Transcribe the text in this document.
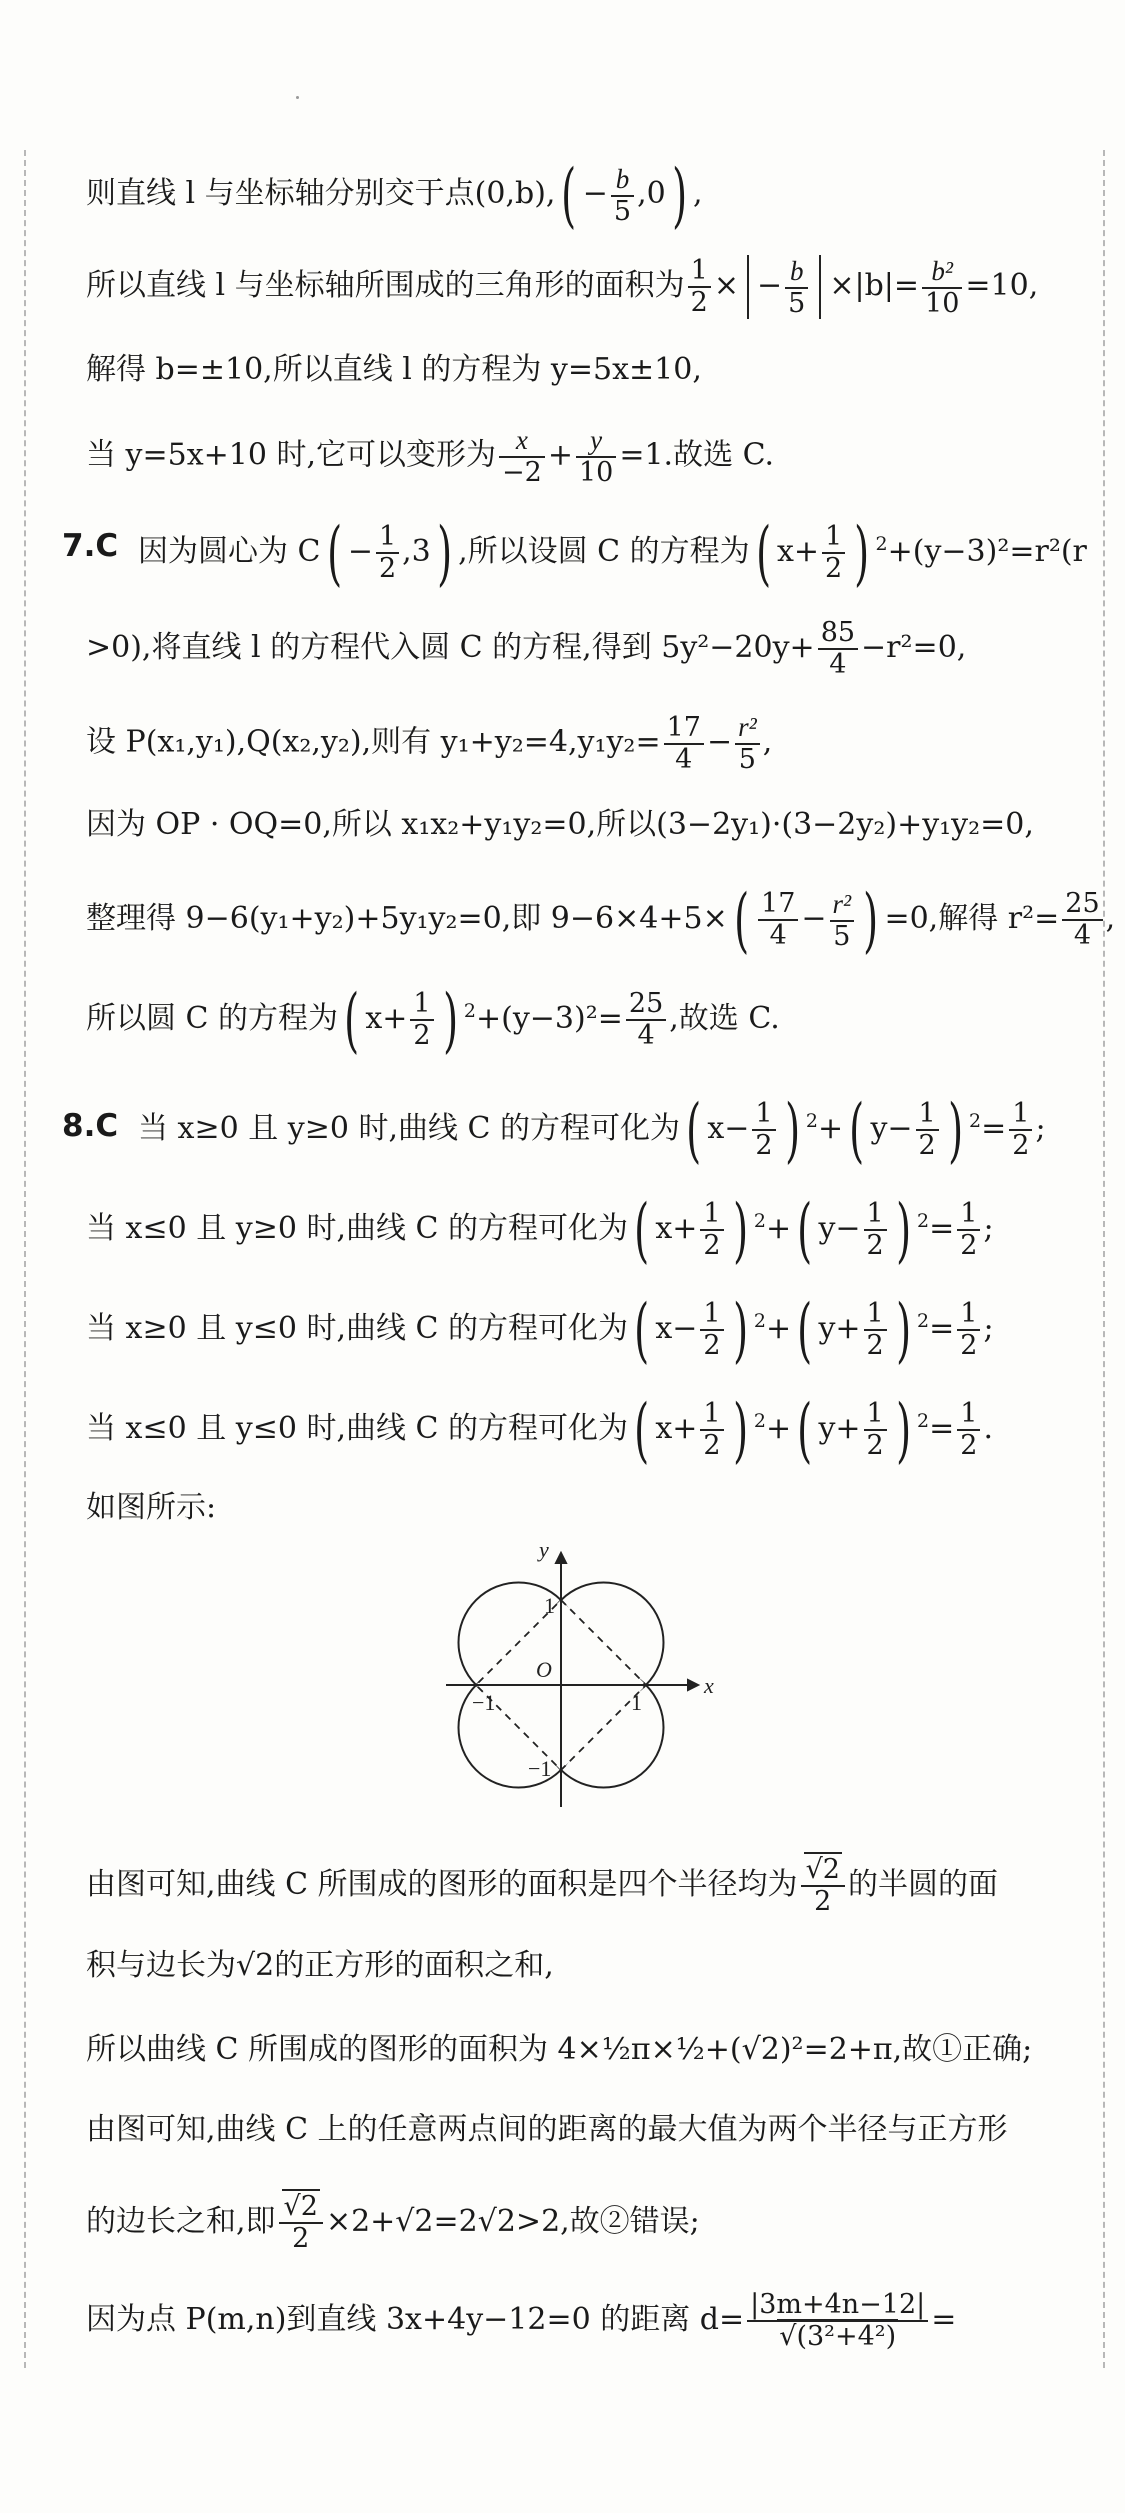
则直线 l 与坐标轴分别交于点$(0,b),( - \frac{b}{5} ,0)$ ,
所以直线 l 与坐标轴所围成的三角形的面积为 $\frac{1}{2}$ × − $\frac{b}{5} \times|b|= \frac{\text{b²}}{10} =10$,
解得 b=±10,所以直线 l 的方程为 y=5x±10,
当 y=5x+10 时,它可以变形为 $\frac{x}{-2} + \frac{y}{10} =1$.故选 C.
7.C 因为圆心为 $C( - \frac{1}{2} ,3)$ ,所以设圆 C 的方程为( $x+ \frac{1}{2}$ ) $^2$+(y−3)²=r²(r
>0),将直线 l 的方程代入圆 C 的方程,得到 $5y^2-20y+ \frac{85}{4} -r^2=0$,
设 P(x₁,y₁),Q(x₂,y₂),则有 $y_1+y_2=4,y_1y_2= \frac{17}{4} - \frac{\text{r²}}{5}$ ,
因为 OP · OQ=0,所以 x₁x₂+y₁y₂=0,所以(3−2y₁)·(3−2y₂)+y₁y₂=0,
整理得 9−6(y₁+y₂)+5y₁y₂=0,即 $9-6\times 4+5\times( \frac{17}{4} - \frac{\text{r²}}{5}$ ) =0,解得 $r^2= \frac{25}{4}$ ,
所以圆 C 的方程为( $x+ \frac{1}{2}$ ) $^2+(y-3)^2= \frac{25}{4}$ ,故选 C.
8.C 当 x≥0 且 y≥0 时,曲线 C 的方程可化为( $x- \frac{1}{2}$ ) $^2$+( $y- \frac{1}{2}$ ) $^2= \frac{1}{2}$ ;
当 x≤0 且 y≥0 时,曲线 C 的方程可化为( $x+ \frac{1}{2}$ ) $^2$+( $y- \frac{1}{2}$ ) $^2= \frac{1}{2}$ ;
当 x≥0 且 y≤0 时,曲线 C 的方程可化为( $x- \frac{1}{2}$ ) $^2$+( $y+ \frac{1}{2}$ ) $^2= \frac{1}{2}$ ;
当 x≤0 且 y≤0 时,曲线 C 的方程可化为( $x+ \frac{1}{2}$ ) $^2$+( $y+ \frac{1}{2}$ ) $^2= \frac{1}{2}$ .
如图所示:
x
y
O
1
−1
1
−1
由图可知,曲线 C 所围成的图形的面积是四个半径均为 $\frac{√2}{2}$ 的半圆的面
积与边长为√2的正方形的面积之和,
所以曲线 C 所围成的图形的面积为 4×½π×½+(√2)²=2+π,故①正确;
由图可知,曲线 C 上的任意两点间的距离的最大值为两个半径与正方形
的边长之和,即 $\frac{√2}{2} \times 2+√2=2√2>2$,故②错误;
因为点 P(m,n)到直线 3x+4y−12=0 的距离 $d= \frac{|3m+4n-12|}{\text{√(3²+4²)}}$ =
